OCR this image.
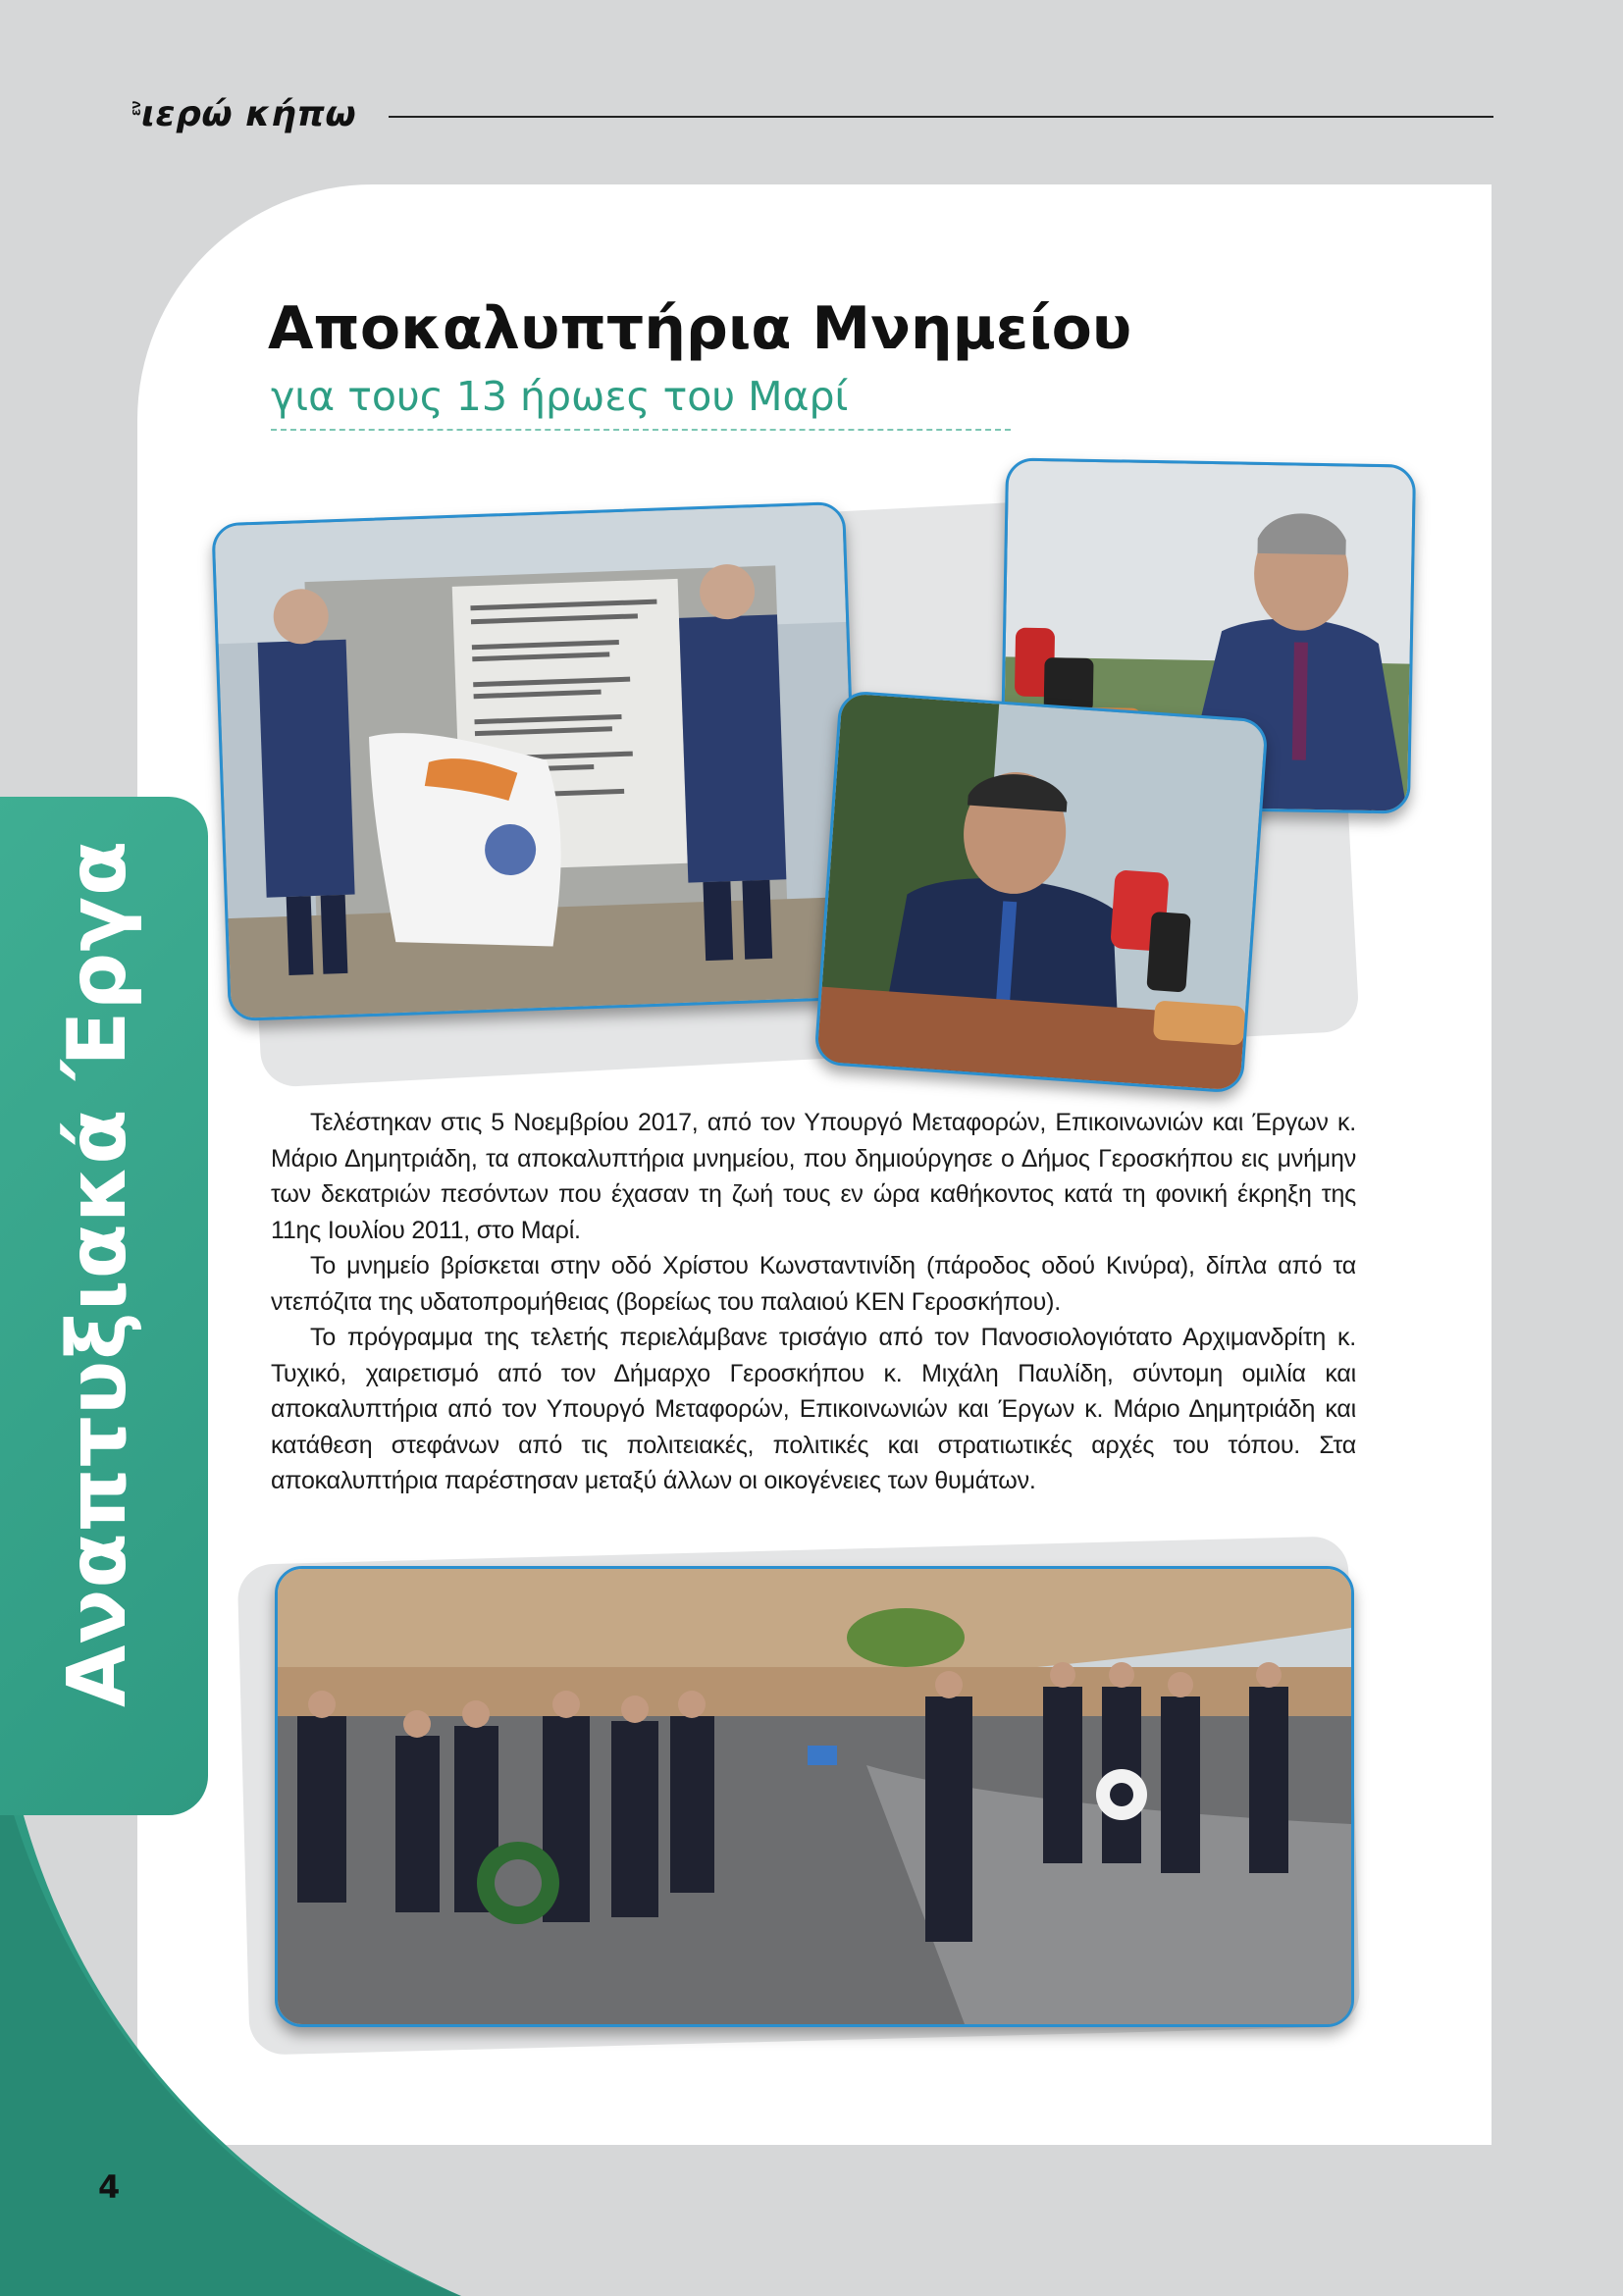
εν
ιερώ κήπω
Αναπτυξιακά Έργα
Αποκαλυπτήρια Μνημείου
για τους 13 ήρωες του Μαρί

Τελέστηκαν στις 5 Νοεμβρίου 2017, από τον Υπουργό Μεταφορών, Επικοινωνιών και Έργων κ. Μάριο Δημητριάδη, τα αποκαλυπτήρια μνημείου, που δημιούργησε ο Δήμος Γεροσκήπου εις μνήμην των δεκατριών πεσόντων που έχασαν τη ζωή τους εν ώρα καθήκοντος κατά τη φονική έκρηξη της 11ης Ιουλίου 2011, στο Μαρί.

Το μνημείο βρίσκεται στην οδό Χρίστου Κωνσταντινίδη (πάροδος οδού Κινύρα), δίπλα από τα ντεπόζιτα της υδατοπρομήθειας (βορείως του παλαιού ΚΕΝ Γεροσκήπου).

Το πρόγραμμα της τελετής περιελάμβανε τρισάγιο από τον Πανοσιολογιότατο Αρχιμανδρίτη κ. Τυχικό, χαιρετισμό από τον Δήμαρχο Γεροσκήπου κ. Μιχάλη Παυλίδη, σύντομη ομιλία και αποκαλυπτήρια από τον Υπουργό Μεταφορών, Επικοινωνιών και Έργων κ. Μάριο Δημητριάδη και κατάθεση στεφάνων από τις πολιτειακές, πολιτικές και στρατιωτικές αρχές του τόπου. Στα αποκαλυπτήρια παρέστησαν μεταξύ άλλων οι οικογένειες των θυμάτων.

4
